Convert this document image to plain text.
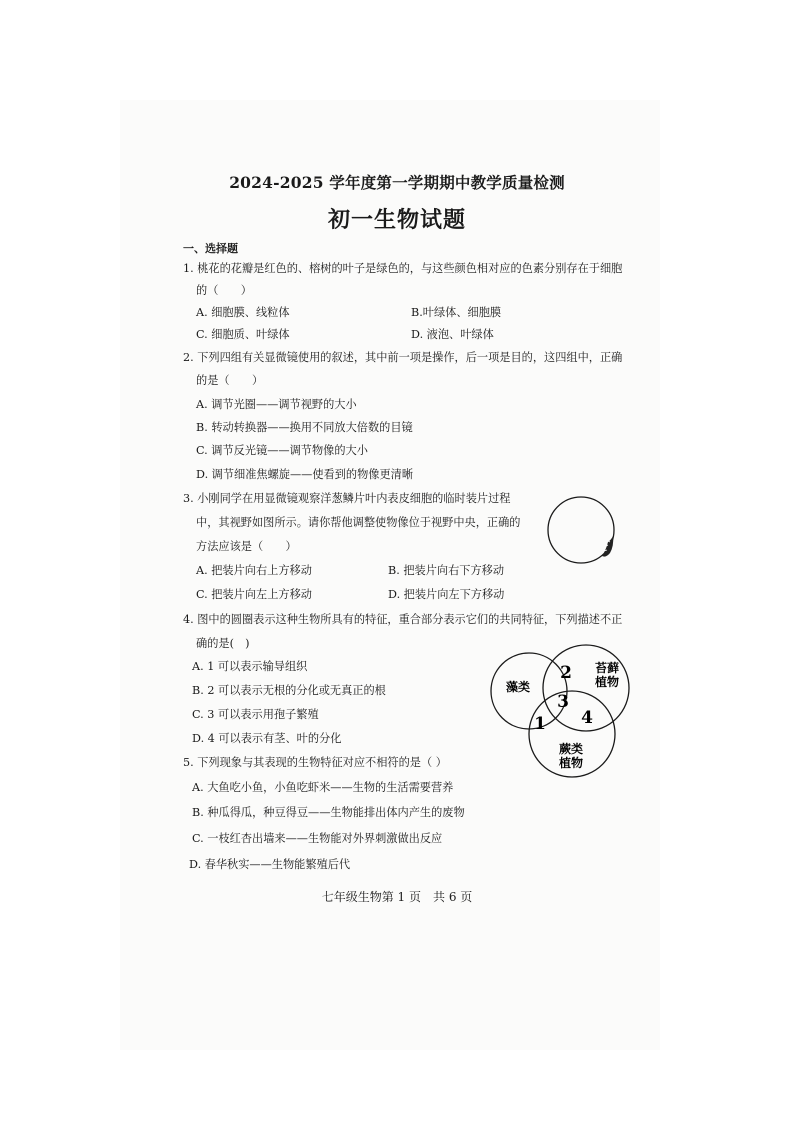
2024-2025 学年度第一学期期中教学质量检测
初一生物试题
一、选择题
1. 桃花的花瓣是红色的、榕树的叶子是绿色的，与这些颜色相对应的色素分别存在于细胞
的（　　）
A. 细胞膜、线粒体	B.叶绿体、细胞膜
C. 细胞质、叶绿体	D. 液泡、叶绿体
2. 下列四组有关显微镜使用的叙述，其中前一项是操作，后一项是目的，这四组中，正确
的是（　　）
A. 调节光圈——调节视野的大小
B. 转动转换器——换用不同放大倍数的目镜
C. 调节反光镜——调节物像的大小
D. 调节细准焦螺旋——使看到的物像更清晰
3. 小刚同学在用显微镜观察洋葱鳞片叶内表皮细胞的临时装片过程
中，其视野如图所示。请你帮他调整使物像位于视野中央，正确的
方法应该是（　　）
A. 把装片向右上方移动	B. 把装片向右下方移动
C. 把装片向左上方移动	D. 把装片向左下方移动
4. 图中的圆圈表示这种生物所具有的特征，重合部分表示它们的共同特征，下列描述不正
确的是(　)
A. 1 可以表示输导组织
B. 2 可以表示无根的分化或无真正的根
C. 3 可以表示用孢子繁殖
D. 4 可以表示有茎、叶的分化
藻类
苔藓
植物
蕨类
植物
1
2
3
4
5. 下列现象与其表现的生物特征对应不相符的是（ ）
A. 大鱼吃小鱼，小鱼吃虾米——生物的生活需要营养
B. 种瓜得瓜，种豆得豆——生物能排出体内产生的废物
C. 一枝红杏出墙来——生物能对外界刺激做出反应
D. 春华秋实——生物能繁殖后代
七年级生物第 1 页　共 6 页
